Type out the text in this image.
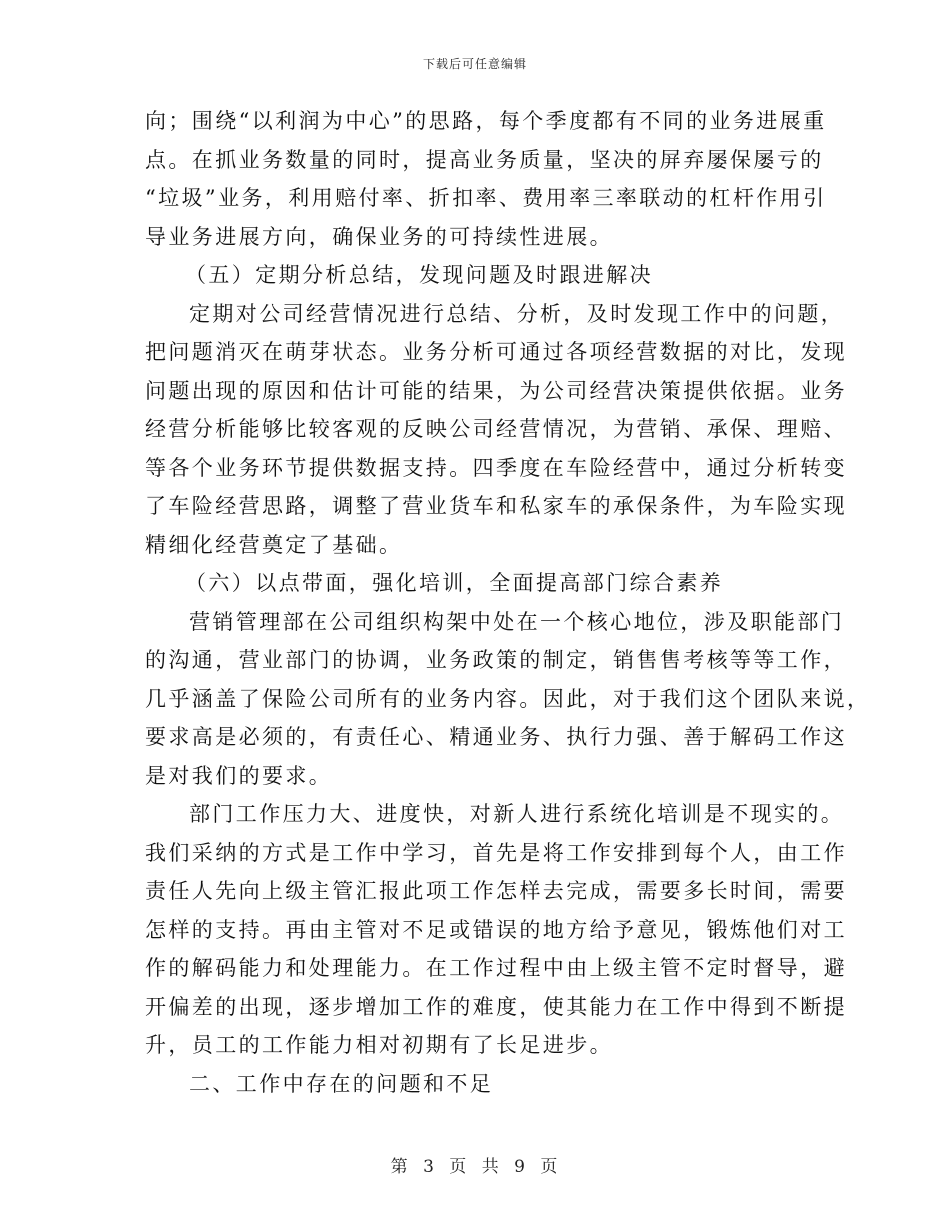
下载后可任意编辑
向；围绕“以利润为中心”的思路，每个季度都有不同的业务进展重
点。在抓业务数量的同时，提高业务质量，坚决的屏弃屡保屡亏的
“垃圾”业务，利用赔付率、折扣率、费用率三率联动的杠杆作用引
导业务进展方向，确保业务的可持续性进展。
（五）定期分析总结，发现问题及时跟进解决
定期对公司经营情况进行总结、分析，及时发现工作中的问题，
把问题消灭在萌芽状态。业务分析可通过各项经营数据的对比，发现
问题出现的原因和估计可能的结果，为公司经营决策提供依据。业务
经营分析能够比较客观的反映公司经营情况，为营销、承保、理赔、
等各个业务环节提供数据支持。四季度在车险经营中，通过分析转变
了车险经营思路，调整了营业货车和私家车的承保条件，为车险实现
精细化经营奠定了基础。
（六）以点带面，强化培训，全面提高部门综合素养
营销管理部在公司组织构架中处在一个核心地位，涉及职能部门
的沟通，营业部门的协调，业务政策的制定，销售售考核等等工作，
几乎涵盖了保险公司所有的业务内容。因此，对于我们这个团队来说，
要求高是必须的，有责任心、精通业务、执行力强、善于解码工作这
是对我们的要求。
部门工作压力大、进度快，对新人进行系统化培训是不现实的。
我们采纳的方式是工作中学习，首先是将工作安排到每个人，由工作
责任人先向上级主管汇报此项工作怎样去完成，需要多长时间，需要
怎样的支持。再由主管对不足或错误的地方给予意见，锻炼他们对工
作的解码能力和处理能力。在工作过程中由上级主管不定时督导，避
开偏差的出现，逐步增加工作的难度，使其能力在工作中得到不断提
升，员工的工作能力相对初期有了长足进步。
二、工作中存在的问题和不足
第 3 页 共 9 页
